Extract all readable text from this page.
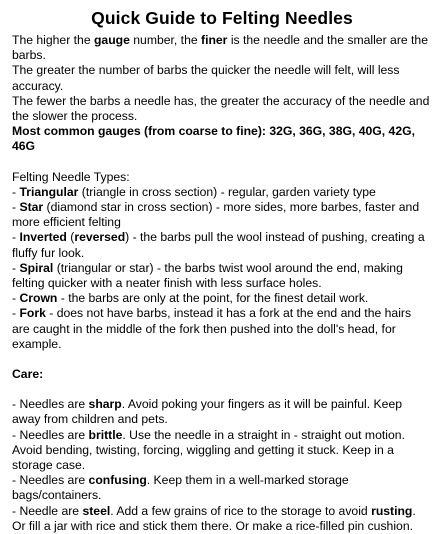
Quick Guide to Felting Needles

The higher the gauge number, the finer is the needle and the smaller are the barbs.

The greater the number of barbs the quicker the needle will felt, will less accuracy.

The fewer the barbs a needle has, the greater the accuracy of the needle and the slower the process.

Most common gauges (from coarse to fine): 32G, 36G, 38G, 40G, 42G, 46G

Felting Needle Types:

- Triangular (triangle in cross section) - regular, garden variety type

- Star (diamond star in cross section) - more sides, more barbes, faster and more efficient felting

- Inverted (reversed) - the barbs pull the wool instead of pushing, creating a fluffy fur look.

- Spiral (triangular or star) - the barbs twist wool around the end, making felting quicker with a neater finish with less surface holes.

- Crown - the barbs are only at the point, for the finest detail work.

- Fork - does not have barbs, instead it has a fork at the end and the hairs are caught in the middle of the fork then pushed into the doll's head, for example.

Care:

- Needles are sharp. Avoid poking your fingers as it will be painful. Keep away from children and pets.

- Needles are brittle. Use the needle in a straight in - straight out motion. Avoid bending, twisting, forcing, wiggling and getting it stuck. Keep in a storage case.

- Needles are confusing. Keep them in a well-marked storage bags/containers.

- Needle are steel. Add a few grains of rice to the storage to avoid rusting. Or fill a jar with rice and stick them there. Or make a rice-filled pin cushion.
